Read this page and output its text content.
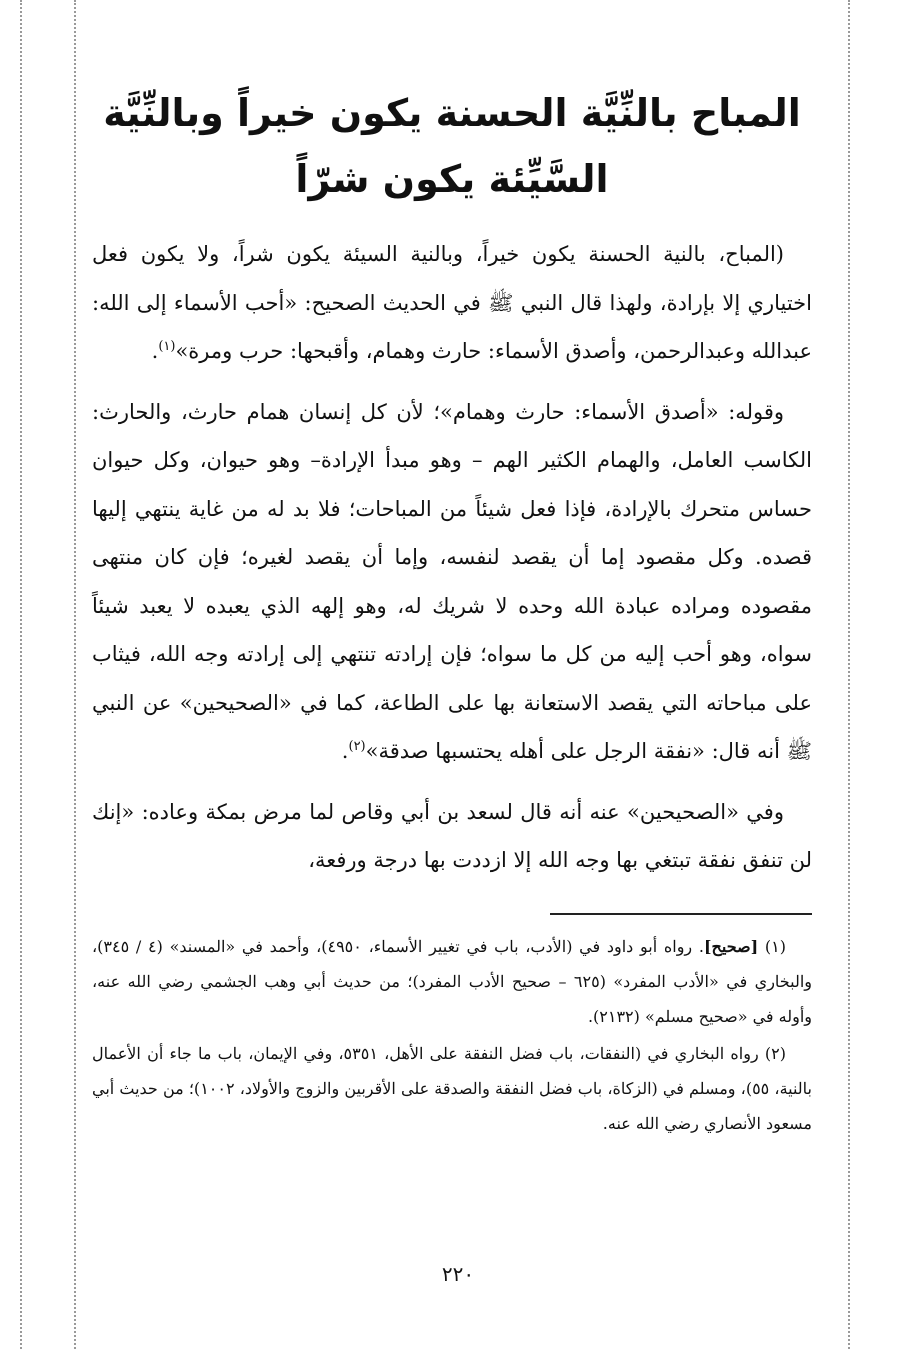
المباح بالنِّيَّة الحسنة يكون خيراً وبالنِّيَّة
السَّيِّئة يكون شرّاً

(المباح، بالنية الحسنة يكون خيراً، وبالنية السيئة يكون شراً، ولا يكون فعل اختياري إلا بإرادة، ولهذا قال النبي ﷺ في الحديث الصحيح: «أحب الأسماء إلى الله: عبدالله وعبدالرحمن، وأصدق الأسماء: حارث وهمام، وأقبحها: حرب ومرة»$^{(١)}$.

وقوله: «أصدق الأسماء: حارث وهمام»؛ لأن كل إنسان همام حارث، والحارث: الكاسب العامل، والهمام الكثير الهم – وهو مبدأ الإرادة– وهو حيوان، وكل حيوان حساس متحرك بالإرادة، فإذا فعل شيئاً من المباحات؛ فلا بد له من غاية ينتهي إليها قصده. وكل مقصود إما أن يقصد لنفسه، وإما أن يقصد لغيره؛ فإن كان منتهى مقصوده ومراده عبادة الله وحده لا شريك له، وهو إلهه الذي يعبده لا يعبد شيئاً سواه، وهو أحب إليه من كل ما سواه؛ فإن إرادته تنتهي إلى إرادته وجه الله، فيثاب على مباحاته التي يقصد الاستعانة بها على الطاعة، كما في «الصحيحين» عن النبي ﷺ أنه قال: «نفقة الرجل على أهله يحتسبها صدقة»$^{(٢)}$.

وفي «الصحيحين» عنه أنه قال لسعد بن أبي وقاص لما مرض بمكة وعاده: «إنك لن تنفق نفقة تبتغي بها وجه الله إلا ازددت بها درجة ورفعة،

(١) [صحيح]. رواه أبو داود في (الأدب، باب في تغيير الأسماء، ٤٩٥٠)، وأحمد في «المسند» (٤ / ٣٤٥)، والبخاري في «الأدب المفرد» (٦٢٥ – صحيح الأدب المفرد)؛ من حديث أبي وهب الجشمي رضي الله عنه، وأوله في «صحيح مسلم» (٢١٣٢).

(٢) رواه البخاري في (النفقات، باب فضل النفقة على الأهل، ٥٣٥١، وفي الإيمان، باب ما جاء أن الأعمال بالنية، ٥٥)، ومسلم في (الزكاة، باب فضل النفقة والصدقة على الأقربين والزوج والأولاد، ١٠٠٢)؛ من حديث أبي مسعود الأنصاري رضي الله عنه.

٢٢٠
